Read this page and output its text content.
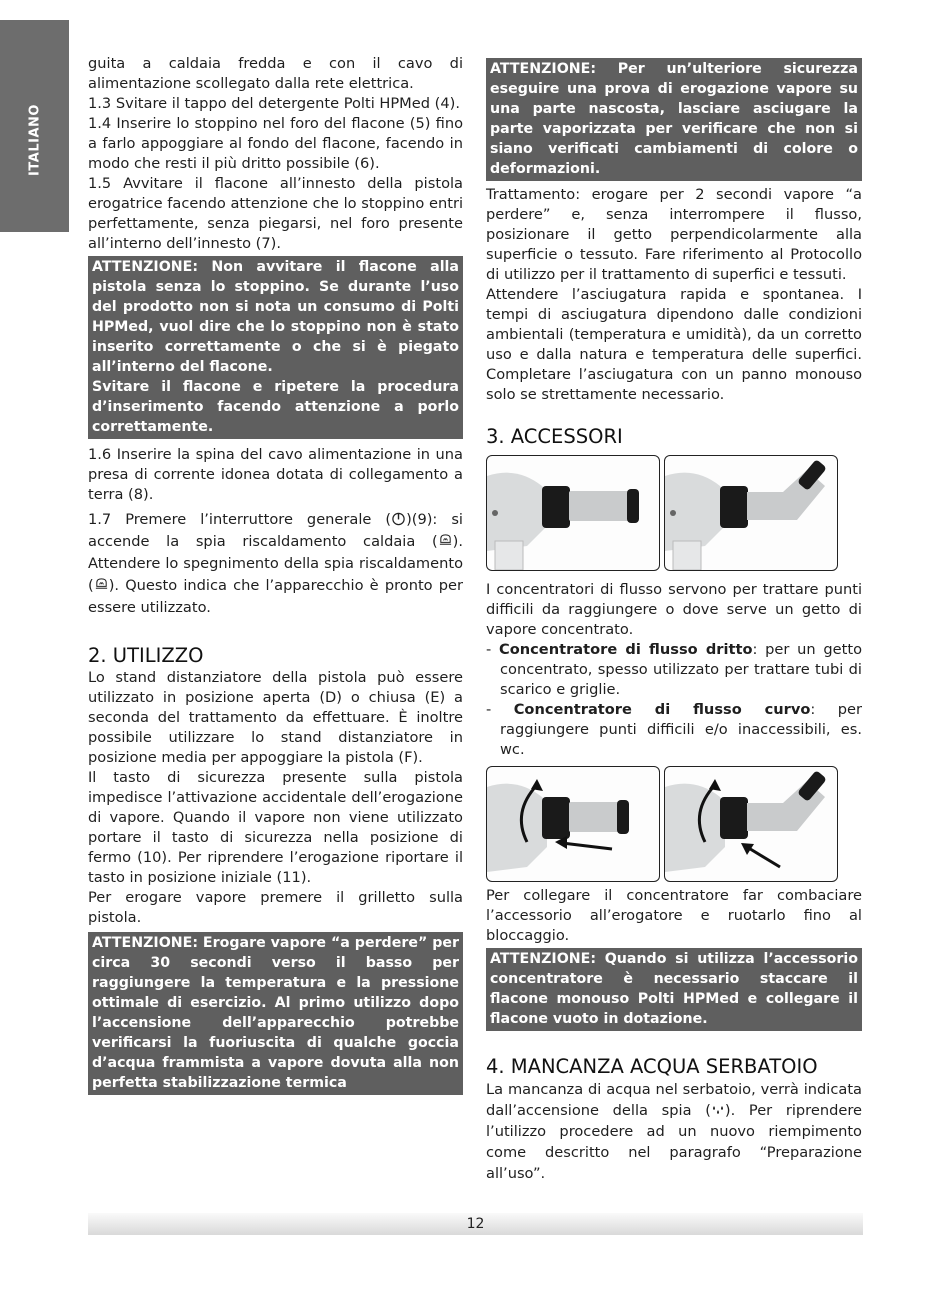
ITALIANO

guita a caldaia fredda e con il cavo di alimentazione scollegato dalla rete elettrica.

1.3 Svitare il tappo del detergente Polti HPMed (4).

1.4 Inserire lo stoppino nel foro del flacone (5) fino a farlo appoggiare al fondo del flacone, facendo in modo che resti il più dritto possibile (6).

1.5 Avvitare il flacone all’innesto della pistola erogatrice facendo attenzione che lo stoppino entri perfettamente, senza piegarsi, nel foro presente all’interno dell’innesto (7).

ATTENZIONE: Non avvitare il flacone alla pistola senza lo stoppino. Se durante l’uso del prodotto non si nota un consumo di Polti HPMed, vuol dire che lo stoppino non è stato inserito correttamente o che si è piegato all’interno del flacone.
Svitare il flacone e ripetere la procedura d’inserimento facendo attenzione a porlo correttamente.

1.6 Inserire la spina del cavo alimentazione in una presa di corrente idonea dotata di collegamento a terra (8).

1.7 Premere l’interruttore generale ( )(9): si accende la spia riscaldamento caldaia ( ). Attendere lo spegnimento della spia riscaldamento ( ). Questo indica che l’apparecchio è pronto per essere utilizzato.

2. UTILIZZO

Lo stand distanziatore della pistola può essere utilizzato in posizione aperta (D) o chiusa (E) a seconda del trattamento da effettuare. È inoltre possibile utilizzare lo stand distanziatore in posizione media per appoggiare la pistola (F).

Il tasto di sicurezza presente sulla pistola impedisce l’attivazione accidentale dell’erogazione di vapore. Quando il vapore non viene utilizzato portare il tasto di sicurezza nella posizione di fermo (10). Per riprendere l’erogazione riportare il tasto in posizione iniziale (11).

Per erogare vapore premere il grilletto sulla pistola.

ATTENZIONE: Erogare vapore “a perdere” per circa 30 secondi verso il basso per raggiungere la temperatura e la pressione ottimale di esercizio. Al primo utilizzo dopo l’accensione dell’apparecchio potrebbe verificarsi la fuoriuscita di qualche goccia d’acqua frammista a vapore dovuta alla non perfetta stabilizzazione termica
ATTENZIONE: Per un’ulteriore sicurezza eseguire una prova di erogazione vapore su una parte nascosta, lasciare asciugare la parte vaporizzata per verificare che non si siano verificati cambiamenti di colore o deformazioni.

Trattamento: erogare per 2 secondi vapore “a perdere” e, senza interrompere il flusso, posizionare il getto perpendicolarmente alla superficie o tessuto. Fare riferimento al Protocollo di utilizzo per il trattamento di superfici e tessuti.

Attendere l’asciugatura rapida e spontanea. I tempi di asciugatura dipendono dalle condizioni ambientali (temperatura e umidità), da un corretto uso e dalla natura e temperatura delle superfici. Completare l’asciugatura con un panno monouso solo se strettamente necessario.

3. ACCESSORI

I concentratori di flusso servono per trattare punti difficili da raggiungere o dove serve un getto di vapore concentrato.

- Concentratore di flusso dritto: per un getto concentrato, spesso utilizzato per trattare tubi di scarico e griglie.

- Concentratore di flusso curvo: per raggiungere punti difficili e/o inaccessibili, es. wc.

Per collegare il concentratore far combaciare l’accessorio all’erogatore e ruotarlo fino al bloccaggio.

ATTENZIONE: Quando si utilizza l’accessorio concentratore è necessario staccare il flacone monouso Polti HPMed e collegare il flacone vuoto in dotazione.
4. MANCANZA ACQUA SERBATOIO

La mancanza di acqua nel serbatoio, verrà indicata dall’accensione della spia ( ). Per riprendere l’utilizzo procedere ad un nuovo riempimento come descritto nel paragrafo “Preparazione all’uso”.

12
